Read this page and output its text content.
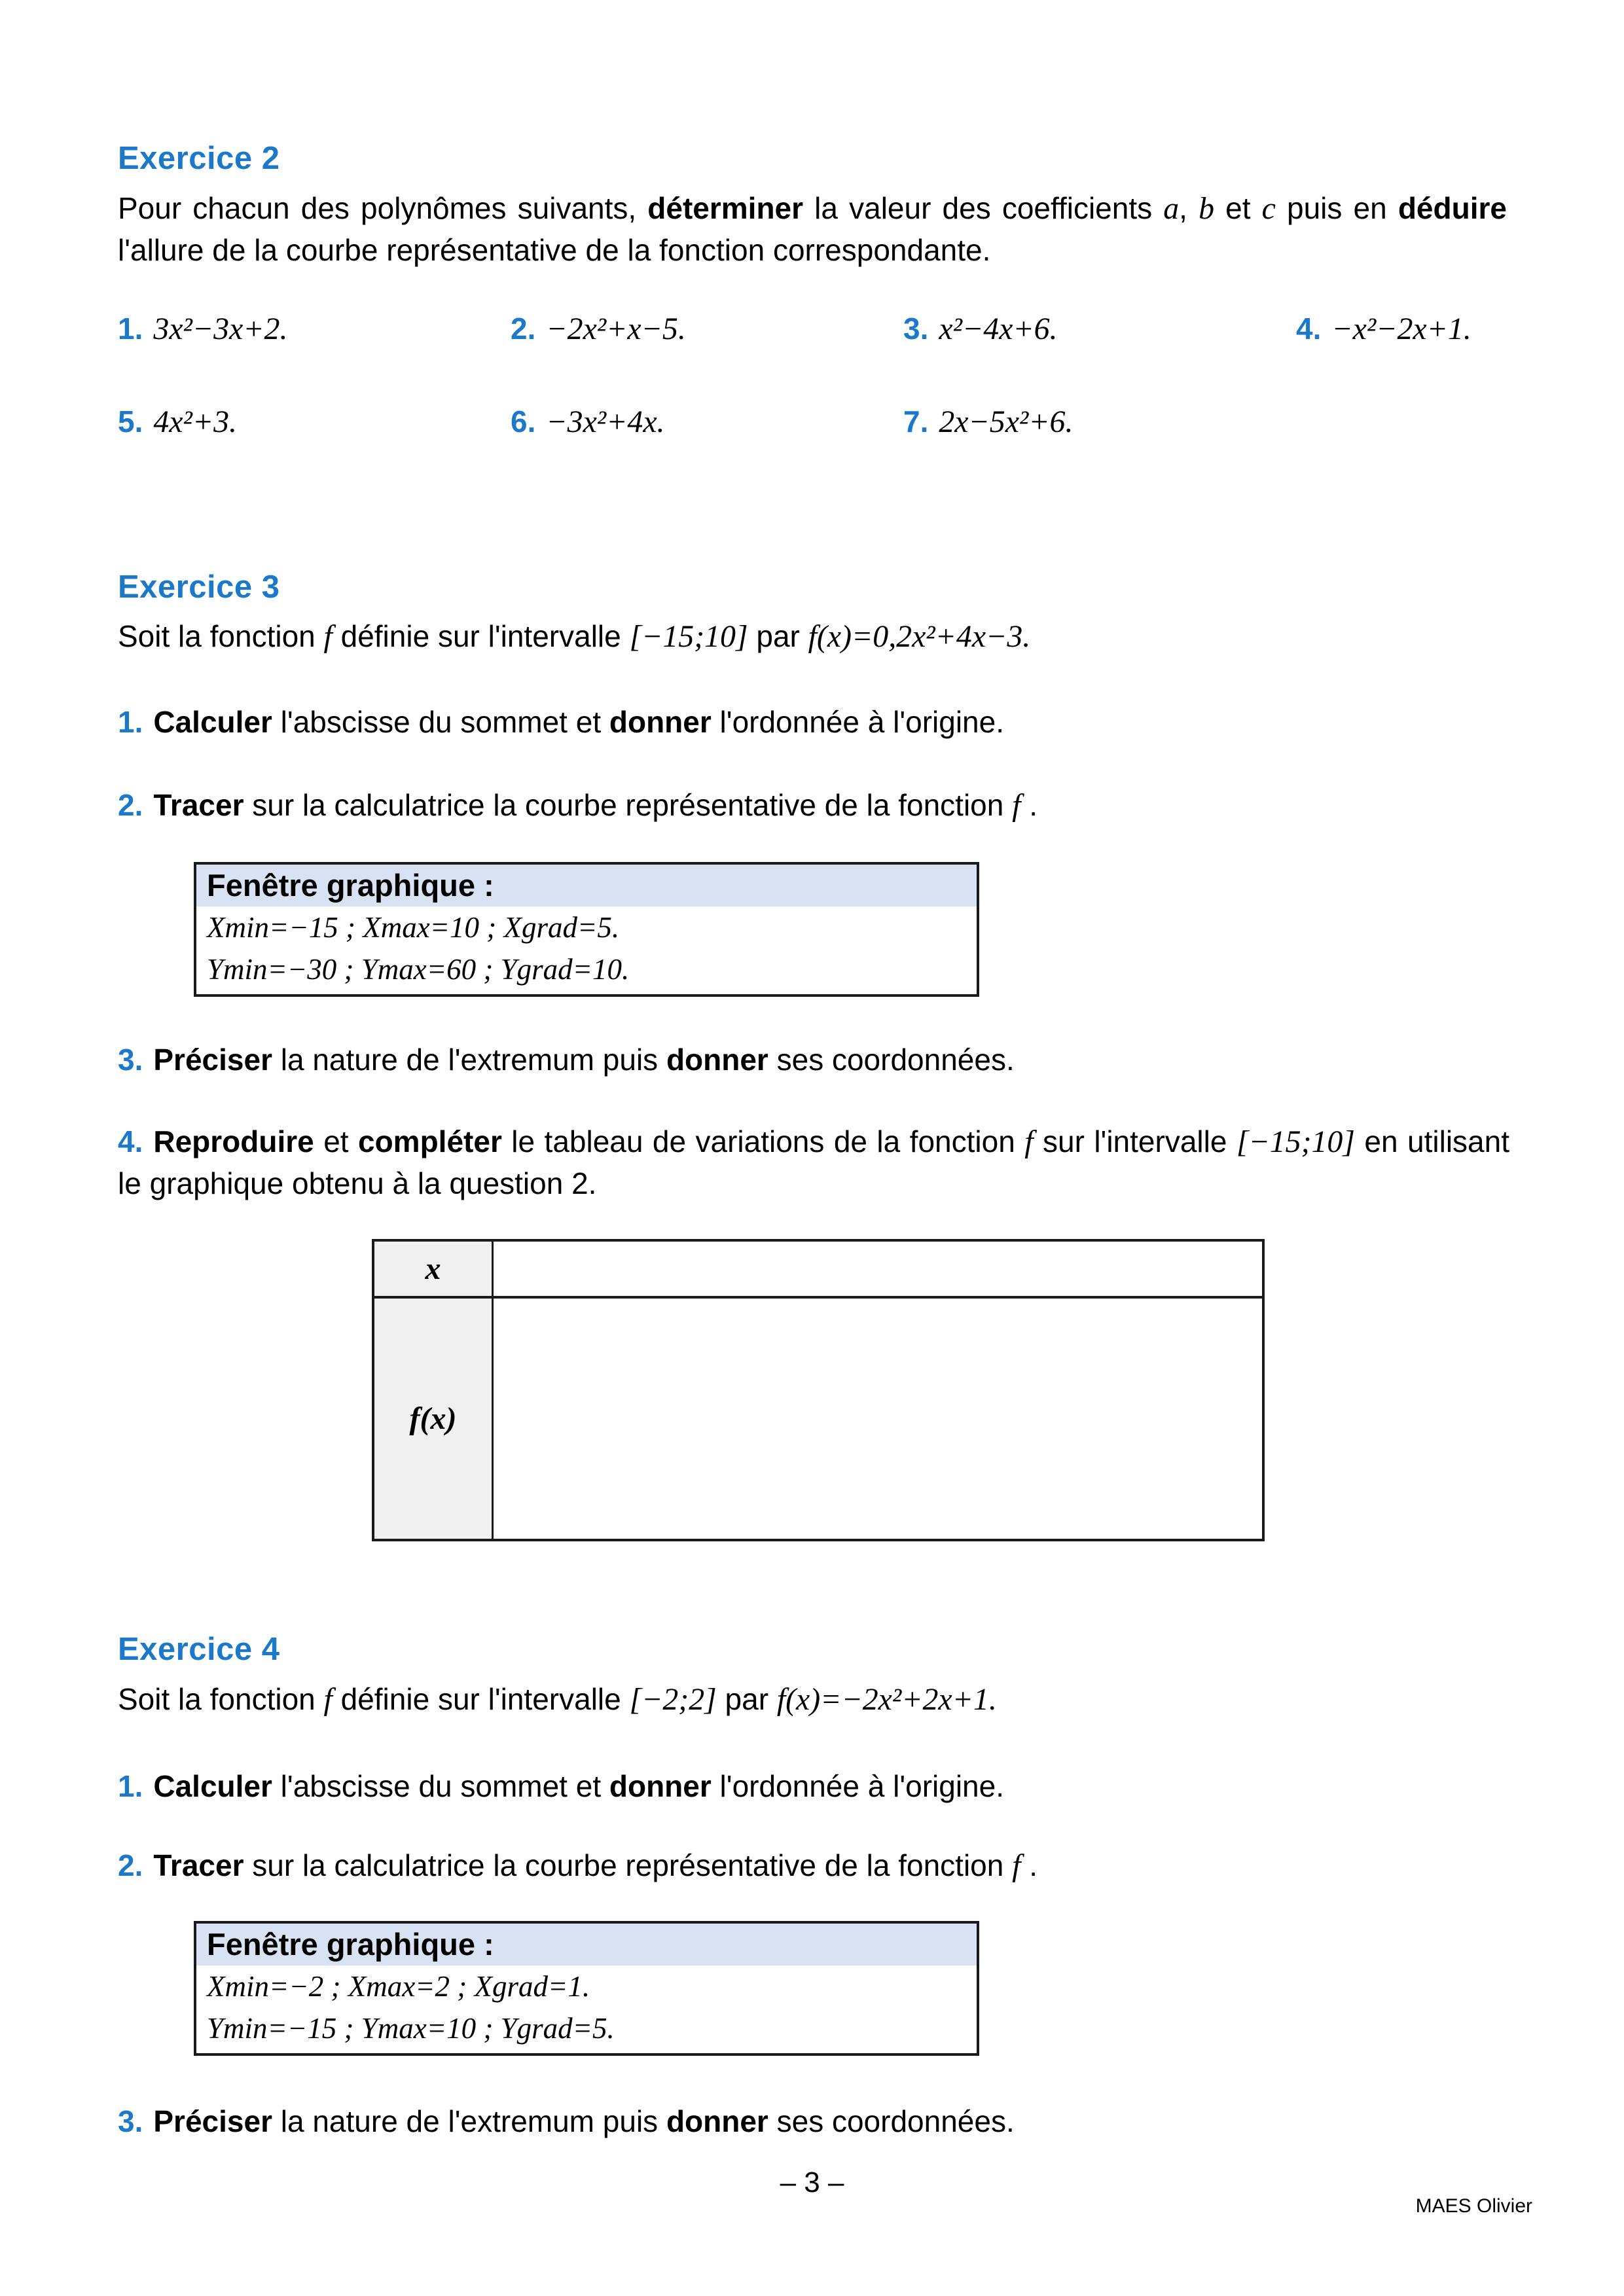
Exercice 2
Pour chacun des polynômes suivants, déterminer la valeur des coefficients a, b et c puis en déduire l'allure de la courbe représentative de la fonction correspondante.
1. 3x²−3x+2.	2. −2x²+x−5.	3. x²−4x+6.	4. −x²−2x+1.
5. 4x²+3.	6. −3x²+4x.	7. 2x−5x²+6.
Exercice 3
Soit la fonction f définie sur l'intervalle [−15;10] par f(x)=0,2x²+4x−3.
1. Calculer l'abscisse du sommet et donner l'ordonnée à l'origine.
2. Tracer sur la calculatrice la courbe représentative de la fonction f .
Fenêtre graphique :
Xmin=−15 ; Xmax=10 ; Xgrad=5.
Ymin=−30 ; Ymax=60 ; Ygrad=10.
3. Préciser la nature de l'extremum puis donner ses coordonnées.
4. Reproduire et compléter le tableau de variations de la fonction f sur l'intervalle [−15;10] en utilisant le graphique obtenu à la question 2.
x
f(x)
Exercice 4
Soit la fonction f définie sur l'intervalle [−2;2] par f(x)=−2x²+2x+1.
1. Calculer l'abscisse du sommet et donner l'ordonnée à l'origine.
2. Tracer sur la calculatrice la courbe représentative de la fonction f .
Fenêtre graphique :
Xmin=−2 ; Xmax=2 ; Xgrad=1.
Ymin=−15 ; Ymax=10 ; Ygrad=5.
3. Préciser la nature de l'extremum puis donner ses coordonnées.
– 3 –
MAES Olivier
